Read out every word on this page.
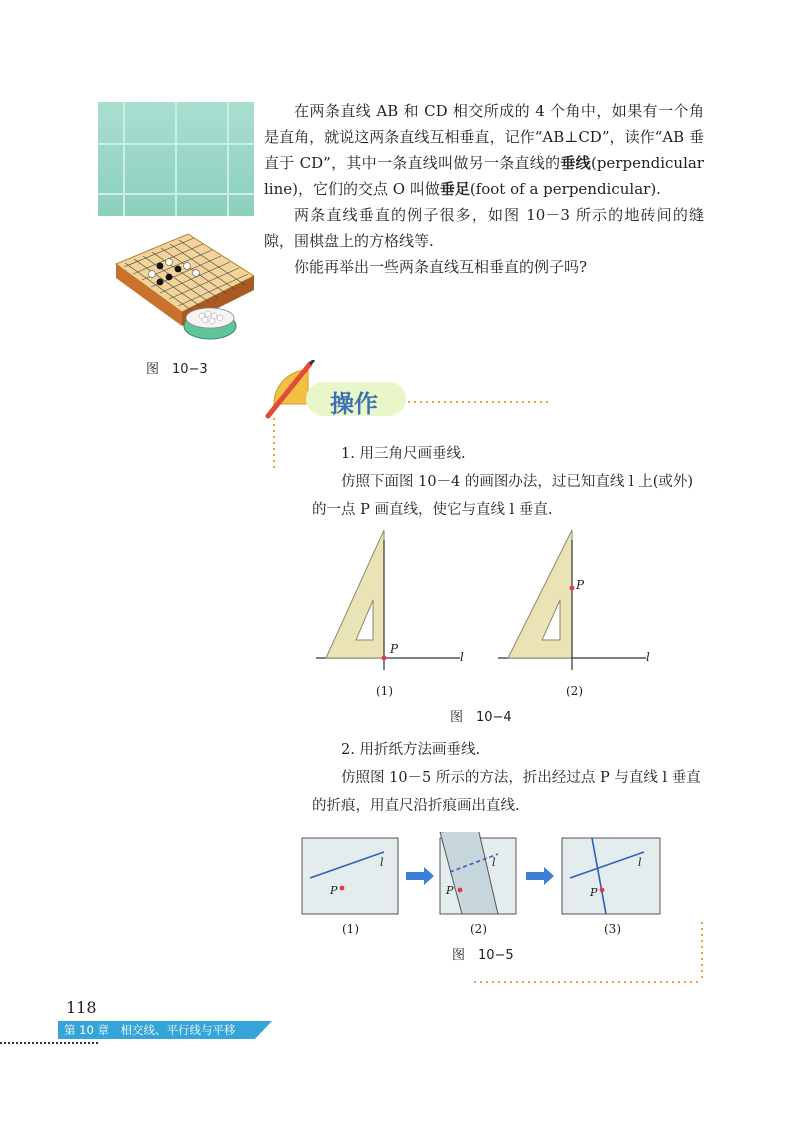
图　10−3

在两条直线 AB 和 CD 相交所成的 4 个角中，如果有一个角是直角，就说这两条直线互相垂直，记作“AB⊥CD”，读作“AB 垂直于 CD”，其中一条直线叫做另一条直线的垂线(perpendicular line)，它们的交点 O 叫做垂足(foot of a perpendicular).

两条直线垂直的例子很多，如图 10－3 所示的地砖间的缝隙，围棋盘上的方格线等.

你能再举出一些两条直线互相垂直的例子吗?

操作

1. 用三角尺画垂线.

仿照下面图 10－4 的画图办法，过已知直线 l 上(或外)的一点 P 画直线，使它与直线 l 垂直.

P
l
P
l
(1)	(2)
图　10−4

2. 用折纸方法画垂线.

仿照图 10－5 所示的方法，折出经过点 P 与直线 l 垂直的折痕，用直尺沿折痕画出直线.

l
P
l
P
l
P
(1)	(2)	(3)
图　10−5
118
第 10 章　相交线、平行线与平移
